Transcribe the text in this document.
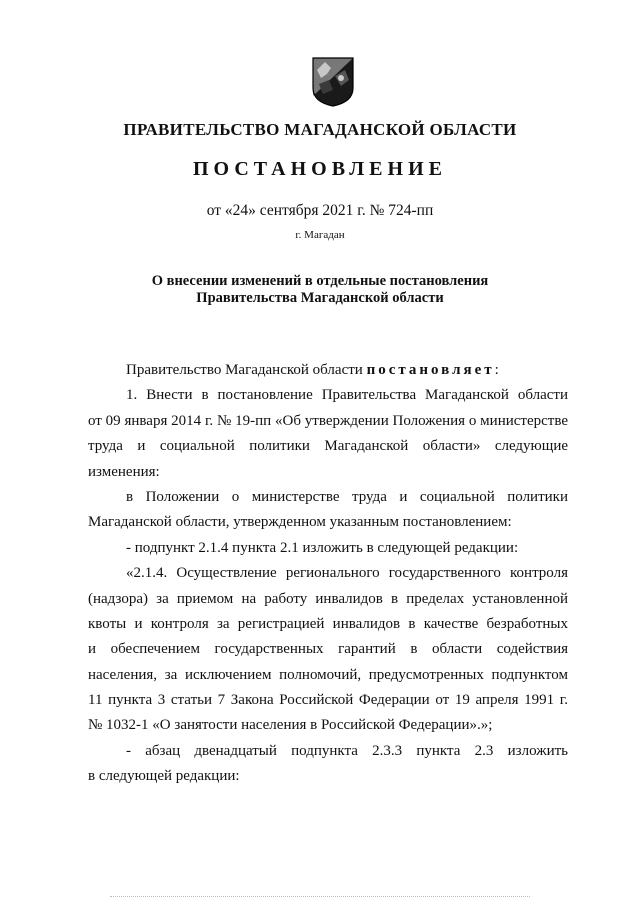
ПРАВИТЕЛЬСТВО МАГАДАНСКОЙ ОБЛАСТИ
ПОСТАНОВЛЕНИЕ
от «24» сентября 2021 г. № 724-пп
г. Магадан
О внесении изменений в отдельные постановления
Правительства Магаданской области
Правительство Магаданской области постановляет:
1. Внести в постановление Правительства Магаданской области
от 09 января 2014 г. № 19-пп «Об утверждении Положения о министерстве
труда и социальной политики Магаданской области» следующие
изменения:
в Положении о министерстве труда и социальной политики
Магаданской области, утвержденном указанным постановлением:
- подпункт 2.1.4 пункта 2.1 изложить в следующей редакции:
«2.1.4. Осуществление регионального государственного контроля
(надзора) за приемом на работу инвалидов в пределах установленной
квоты и контроля за регистрацией инвалидов в качестве безработных
и обеспечением государственных гарантий в области содействия
населения, за исключением полномочий, предусмотренных подпунктом
11 пункта 3 статьи 7 Закона Российской Федерации от 19 апреля 1991 г.
№ 1032-1 «О занятости населения в Российской Федерации».»;
- абзац двенадцатый подпункта 2.3.3 пункта 2.3 изложить
в следующей редакции:
